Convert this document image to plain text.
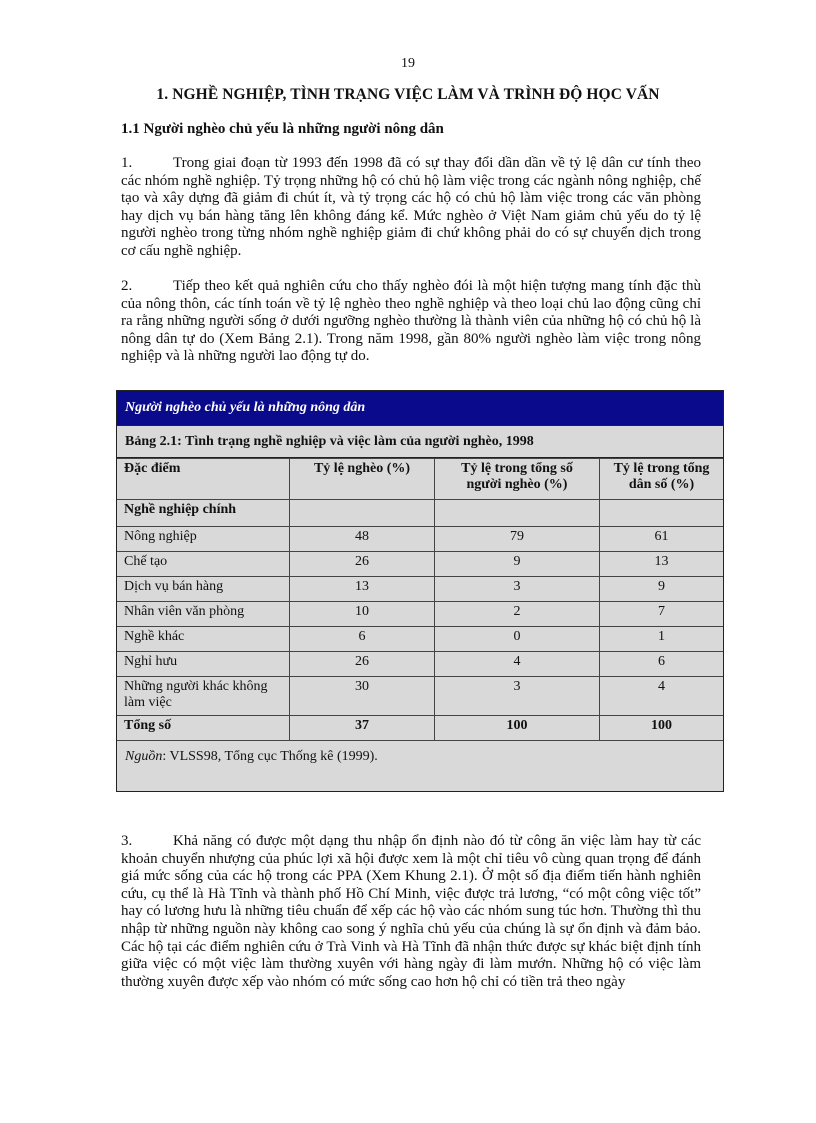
19
1. NGHỀ NGHIỆP, TÌNH TRẠNG VIỆC LÀM VÀ TRÌNH ĐỘ HỌC VẤN
1.1 Người nghèo chủ yếu là những người nông dân
1.	Trong giai đoạn từ 1993 đến 1998 đã có sự thay đổi dần dần về tỷ lệ dân cư tính theo các nhóm nghề nghiệp. Tỷ trọng những hộ có chủ hộ làm việc trong các ngành nông nghiệp, chế tạo và xây dựng đã giảm đi chút ít, và tỷ trọng các hộ có chủ hộ làm việc trong các văn phòng hay dịch vụ bán hàng tăng lên không đáng kể. Mức nghèo ở Việt Nam giảm chủ yếu do tỷ lệ người nghèo trong từng nhóm nghề nghiệp giảm đi chứ không phải do có sự chuyển dịch trong cơ cấu nghề nghiệp.
2.	Tiếp theo kết quả nghiên cứu cho thấy nghèo đói là một hiện tượng mang tính đặc thù của nông thôn, các tính toán về tỷ lệ nghèo theo nghề nghiệp và theo loại chủ lao động cũng chỉ ra rằng những người sống ở dưới ngưỡng nghèo thường là thành viên của những hộ có chủ hộ là nông dân tự do (Xem Bảng 2.1). Trong năm 1998, gần 80% người nghèo làm việc trong nông nghiệp và là những người lao động tự do.
Người nghèo chủ yếu là những nông dân
Bảng 2.1: Tình trạng nghề nghiệp và việc làm của người nghèo, 1998
Đặc điểm	Tỷ lệ nghèo (%)	Tỷ lệ trong tổng số người nghèo (%)	Tỷ lệ trong tổng dân số (%)
Nghề nghiệp chính			
Nông nghiệp	48	79	61
Chế tạo	26	9	13
Dịch vụ bán hàng	13	3	9
Nhân viên văn phòng	10	2	7
Nghề khác	6	0	1
Nghỉ hưu	26	4	6
Những người khác không làm việc	30	3	4
Tổng số	37	100	100
Nguồn: VLSS98, Tổng cục Thống kê (1999).
3.	Khả năng có được một dạng thu nhập ổn định nào đó từ công ăn việc làm hay từ các khoản chuyển nhượng của phúc lợi xã hội được xem là một chỉ tiêu vô cùng quan trọng để đánh giá mức sống của các hộ trong các PPA (Xem Khung 2.1). Ở một số địa điểm tiến hành nghiên cứu, cụ thể là Hà Tĩnh và thành phố Hồ Chí Minh, việc được trả lương, “có một công việc tốt” hay có lương hưu là những tiêu chuẩn để xếp các hộ vào các nhóm sung túc hơn. Thường thì thu nhập từ những nguồn này không cao song ý nghĩa chủ yếu của chúng là sự ổn định và đảm bảo. Các hộ tại các điểm nghiên cứu ở Trà Vinh và Hà Tĩnh đã nhận thức được sự khác biệt định tính giữa việc có một việc làm thường xuyên với hàng ngày đi làm mướn. Những hộ có việc làm thường xuyên được xếp vào nhóm có mức sống cao hơn hộ chỉ có tiền trả theo ngày
